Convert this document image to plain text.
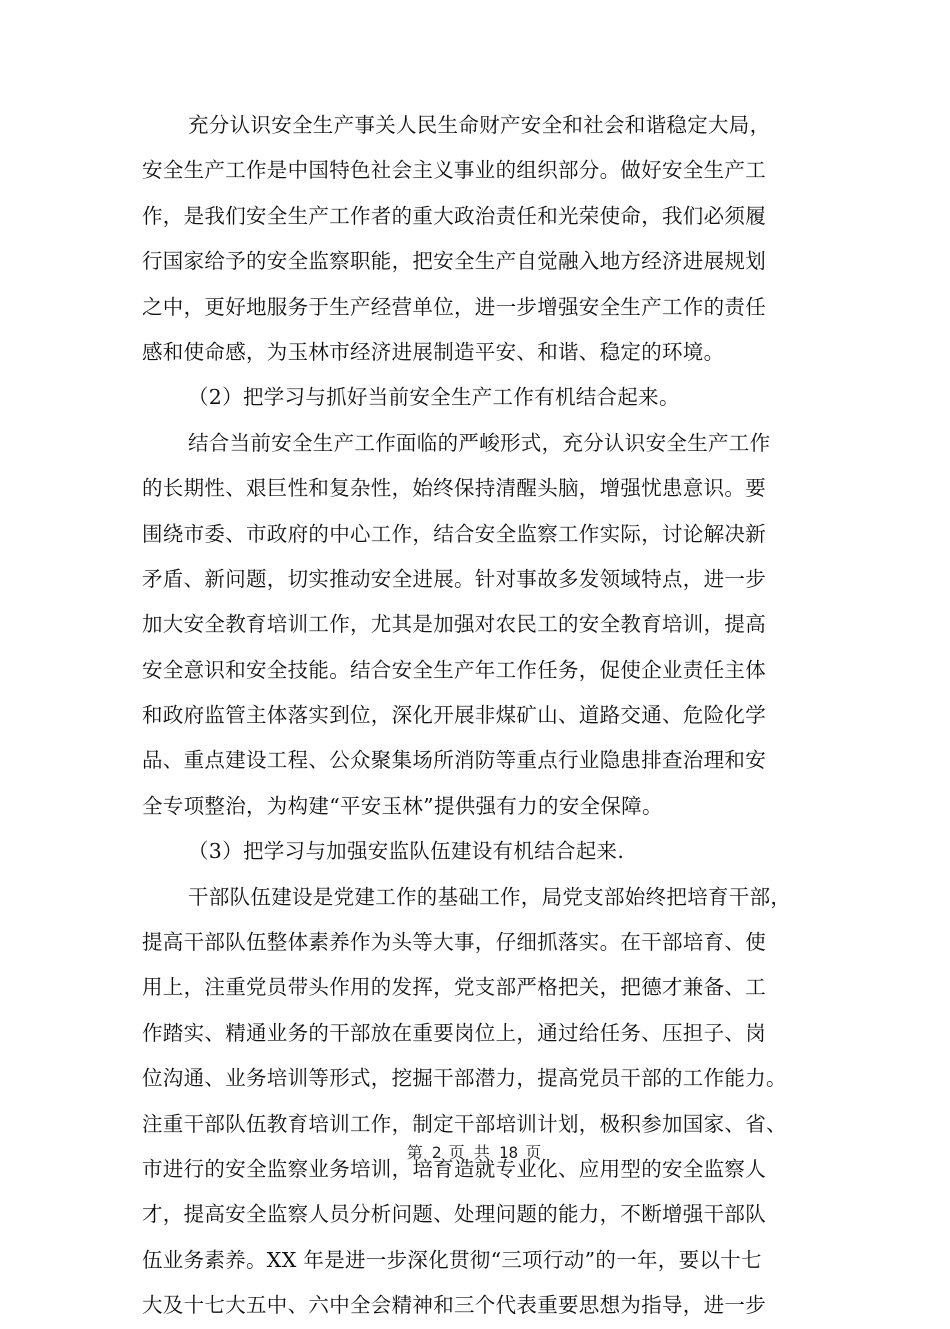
充分认识安全生产事关人民生命财产安全和社会和谐稳定大局，
安全生产工作是中国特色社会主义事业的组织部分。做好安全生产工
作，是我们安全生产工作者的重大政治责任和光荣使命，我们必须履
行国家给予的安全监察职能，把安全生产自觉融入地方经济进展规划
之中，更好地服务于生产经营单位，进一步增强安全生产工作的责任
感和使命感，为玉林市经济进展制造平安、和谐、稳定的环境。
（2）把学习与抓好当前安全生产工作有机结合起来。
结合当前安全生产工作面临的严峻形式，充分认识安全生产工作
的长期性、艰巨性和复杂性，始终保持清醒头脑，增强忧患意识。要
围绕市委、市政府的中心工作，结合安全监察工作实际，讨论解决新
矛盾、新问题，切实推动安全进展。针对事故多发领域特点，进一步
加大安全教育培训工作，尤其是加强对农民工的安全教育培训，提高
安全意识和安全技能。结合安全生产年工作任务，促使企业责任主体
和政府监管主体落实到位，深化开展非煤矿山、道路交通、危险化学
品、重点建设工程、公众聚集场所消防等重点行业隐患排查治理和安
全专项整治，为构建“平安玉林”提供强有力的安全保障。
（3）把学习与加强安监队伍建设有机结合起来.
干部队伍建设是党建工作的基础工作，局党支部始终把培育干部，
提高干部队伍整体素养作为头等大事，仔细抓落实。在干部培育、使
用上，注重党员带头作用的发挥，党支部严格把关，把德才兼备、工
作踏实、精通业务的干部放在重要岗位上，通过给任务、压担子、岗
位沟通、业务培训等形式，挖掘干部潜力，提高党员干部的工作能力。
注重干部队伍教育培训工作，制定干部培训计划，极积参加国家、省、
市进行的安全监察业务培训，培育造就专业化、应用型的安全监察人
才，提高安全监察人员分析问题、处理问题的能力，不断增强干部队
伍业务素养。XX 年是进一步深化贯彻“三项行动”的一年，要以十七
大及十七大五中、六中全会精神和三个代表重要思想为指导，进一步
第 2 页 共 18 页
